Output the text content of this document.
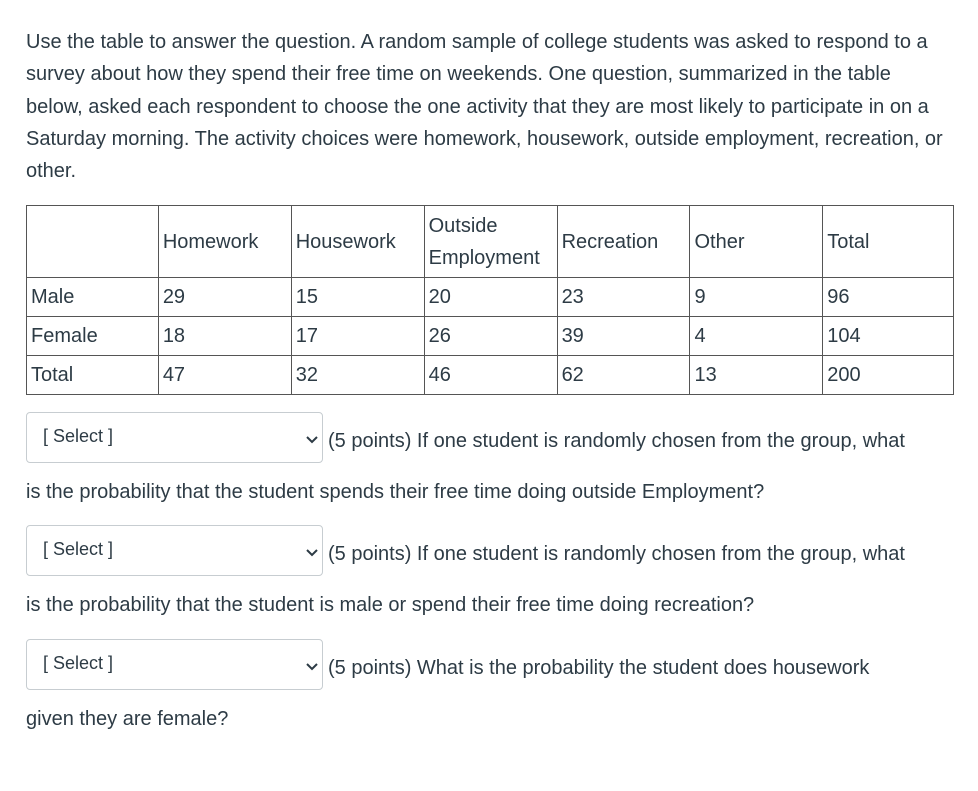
Use the table to answer the question. A random sample of college students was asked to respond to a survey about how they spend their free time on weekends. One question, summarized in the table below, asked each respondent to choose the one activity that they are most likely to participate in on a Saturday morning. The activity choices were homework, housework, outside employment, recreation, or other.

	Homework	Housework	Outside Employment	Recreation	Other	Total
Male	29	15	20	23	9	96
Female	18	17	26	39	4	104
Total	47	32	46	62	13	200
[ Select ]	(5 points) If one student is randomly chosen from the group, what
is the probability that the student spends their free time doing outside Employment?
[ Select ]	(5 points) If one student is randomly chosen from the group, what
is the probability that the student is male or spend their free time doing recreation?
[ Select ]	(5 points) What is the probability the student does housework
given they are female?
